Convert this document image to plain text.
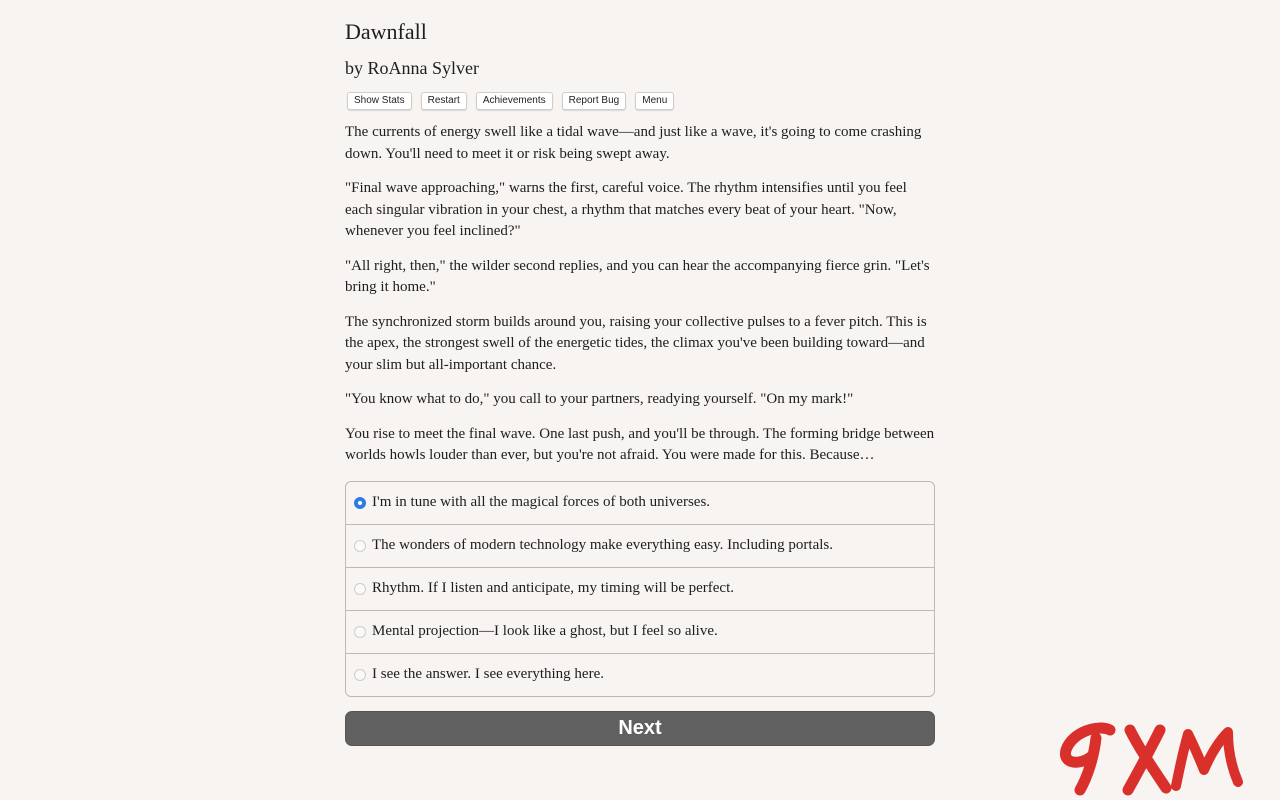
Dawnfall
by RoAnna Sylver
Show Stats	Restart	Achievements	Report Bug	Menu

The currents of energy swell like a tidal wave—and just like a wave, it's going to come crashing down. You'll need to meet it or risk being swept away.

"Final wave approaching," warns the first, careful voice. The rhythm intensifies until you feel each singular vibration in your chest, a rhythm that matches every beat of your heart. "Now, whenever you feel inclined?"

"All right, then," the wilder second replies, and you can hear the accompanying fierce grin. "Let's bring it home."

The synchronized storm builds around you, raising your collective pulses to a fever pitch. This is the apex, the strongest swell of the energetic tides, the climax you've been building toward—and your slim but all-important chance.

"You know what to do," you call to your partners, readying yourself. "On my mark!"

You rise to meet the final wave. One last push, and you'll be through. The forming bridge between worlds howls louder than ever, but you're not afraid. You were made for this. Because…

I'm in tune with all the magical forces of both universes.
The wonders of modern technology make everything easy. Including portals.
Rhythm. If I listen and anticipate, my timing will be perfect.
Mental projection—I look like a ghost, but I feel so alive.
I see the answer. I see everything here.
Next
